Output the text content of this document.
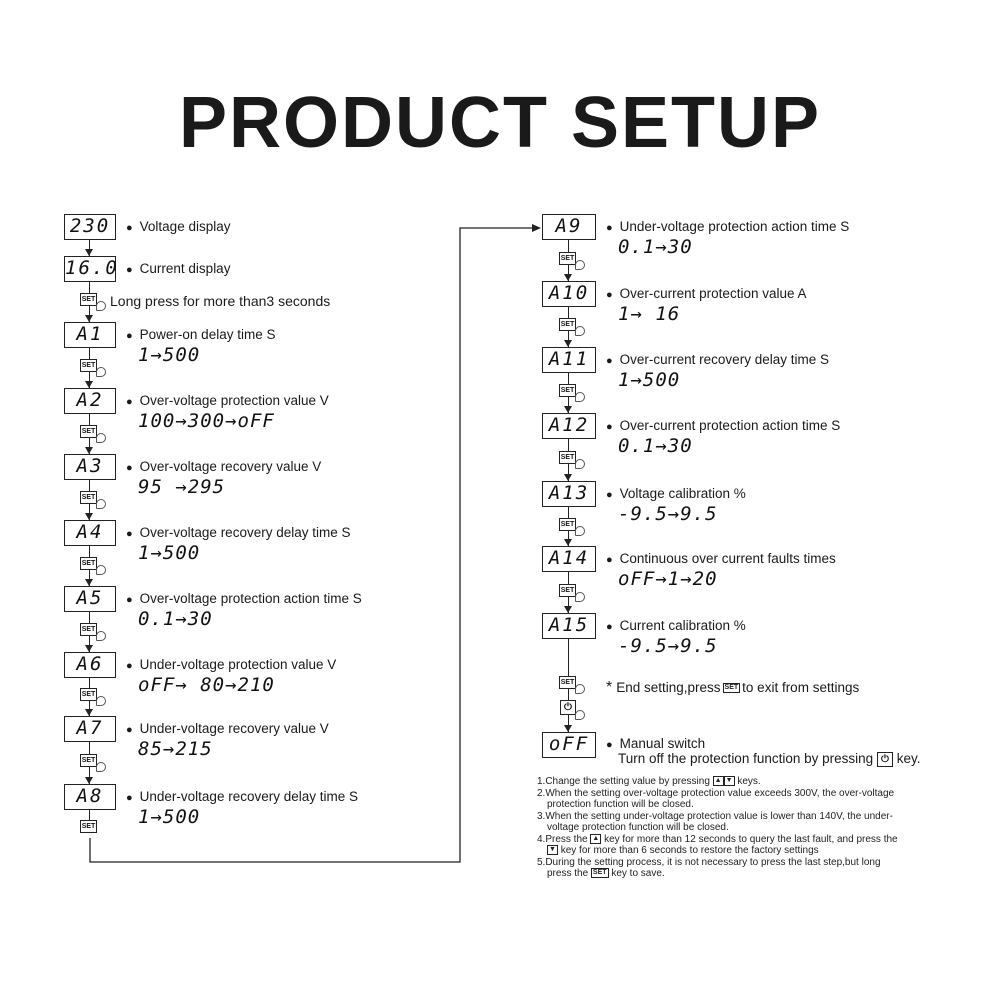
PRODUCT SETUP
Long press for more than3 seconds
* End setting,press SET to exit from settings
oFF	● Manual switch
Turn off the protection function by pressing ⏻ key.

1.Change the setting value by pressing ▲ ▼ keys.

2.When the setting over-voltage protection value exceeds 300V, the over-voltage

protection function will be closed.

3.When the setting under-voltage protection value is lower than 140V, the under-

voltage protection function will be closed.

4.Press the ▲ key for more than 12 seconds to query the last fault, and press the

▼ key for more than 6 seconds to restore the factory settings

5.During the setting process, it is not necessary to press the last step,but long

press the SET key to save.

230	● Voltage display
16.0 ● Current display
A1	● Power-on delay time S
1→500
A2	● Over-voltage protection value V
100→300→oFF
A3	● Over-voltage recovery value V
95 →295
A4	● Over-voltage recovery delay time S
1→500
A5	● Over-voltage protection action time S
0.1→30
A6	● Under-voltage protection value V
oFF→ 80→210
A7	● Under-voltage recovery value V
85→215
A8	● Under-voltage recovery delay time S
1→500
SET
SET
SET
SET
SET
SET
SET
SET
SET
A9	● Under-voltage protection action time S
0.1→30
A10	● Over-current protection value A
1→ 16
A11	● Over-current recovery delay time S
1→500
A12	● Over-current protection action time S
0.1→30
A13	● Voltage calibration %
-9.5→9.5
A14	● Continuous over current faults times
oFF→1→20
A15	● Current calibration %
-9.5→9.5
SET
SET
SET
SET
SET
SET
SET
⏻
